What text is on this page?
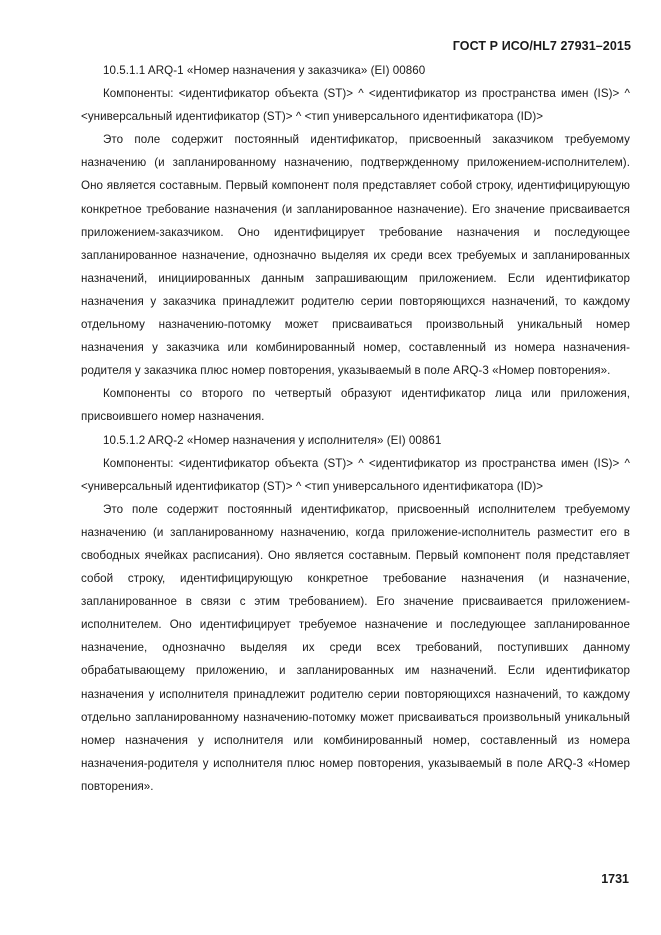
ГОСТ Р ИСО/HL7 27931–2015

10.5.1.1 ARQ-1 «Номер назначения у заказчика» (EI) 00860

Компоненты: <идентификатор объекта (ST)> ^ <идентификатор из пространства имен (IS)> ^ <универсальный идентификатор (ST)> ^ <тип универсального идентификатора (ID)>

Это поле содержит постоянный идентификатор, присвоенный заказчиком требуемому назначению (и запланированному назначению, подтвержденному приложением-исполнителем). Оно является составным. Первый компонент поля представляет собой строку, идентифицирующую конкретное требование назначения (и запланированное назначение). Его значение присваивается приложением-заказчиком. Оно идентифицирует требование назначения и последующее запланированное назначение, однозначно выделяя их среди всех требуемых и запланированных назначений, инициированных данным запрашивающим приложением. Если идентификатор назначения у заказчика принадлежит родителю серии повторяющихся назначений, то каждому отдельному назначению-потомку может присваиваться произвольный уникальный номер назначения у заказчика или комбинированный номер, составленный из номера назначения-родителя у заказчика плюс номер повторения, указываемый в поле ARQ-3 «Номер повторения».

Компоненты со второго по четвертый образуют идентификатор лица или приложения, присвоившего номер назначения.

10.5.1.2 ARQ-2 «Номер назначения у исполнителя» (EI) 00861

Компоненты: <идентификатор объекта (ST)> ^ <идентификатор из пространства имен (IS)> ^ <универсальный идентификатор (ST)> ^ <тип универсального идентификатора (ID)>

Это поле содержит постоянный идентификатор, присвоенный исполнителем требуемому назначению (и запланированному назначению, когда приложение-исполнитель разместит его в свободных ячейках расписания). Оно является составным. Первый компонент поля представляет собой строку, идентифицирующую конкретное требование назначения (и назначение, запланированное в связи с этим требованием). Его значение присваивается приложением-исполнителем. Оно идентифицирует требуемое назначение и последующее запланированное назначение, однозначно выделяя их среди всех требований, поступивших данному обрабатывающему приложению, и запланированных им назначений. Если идентификатор назначения у исполнителя принадлежит родителю серии повторяющихся назначений, то каждому отдельно запланированному назначению-потомку может присваиваться произвольный уникальный номер назначения у исполнителя или комбинированный номер, составленный из номера назначения-родителя у исполнителя плюс номер повторения, указываемый в поле ARQ-3 «Номер повторения».

1731
